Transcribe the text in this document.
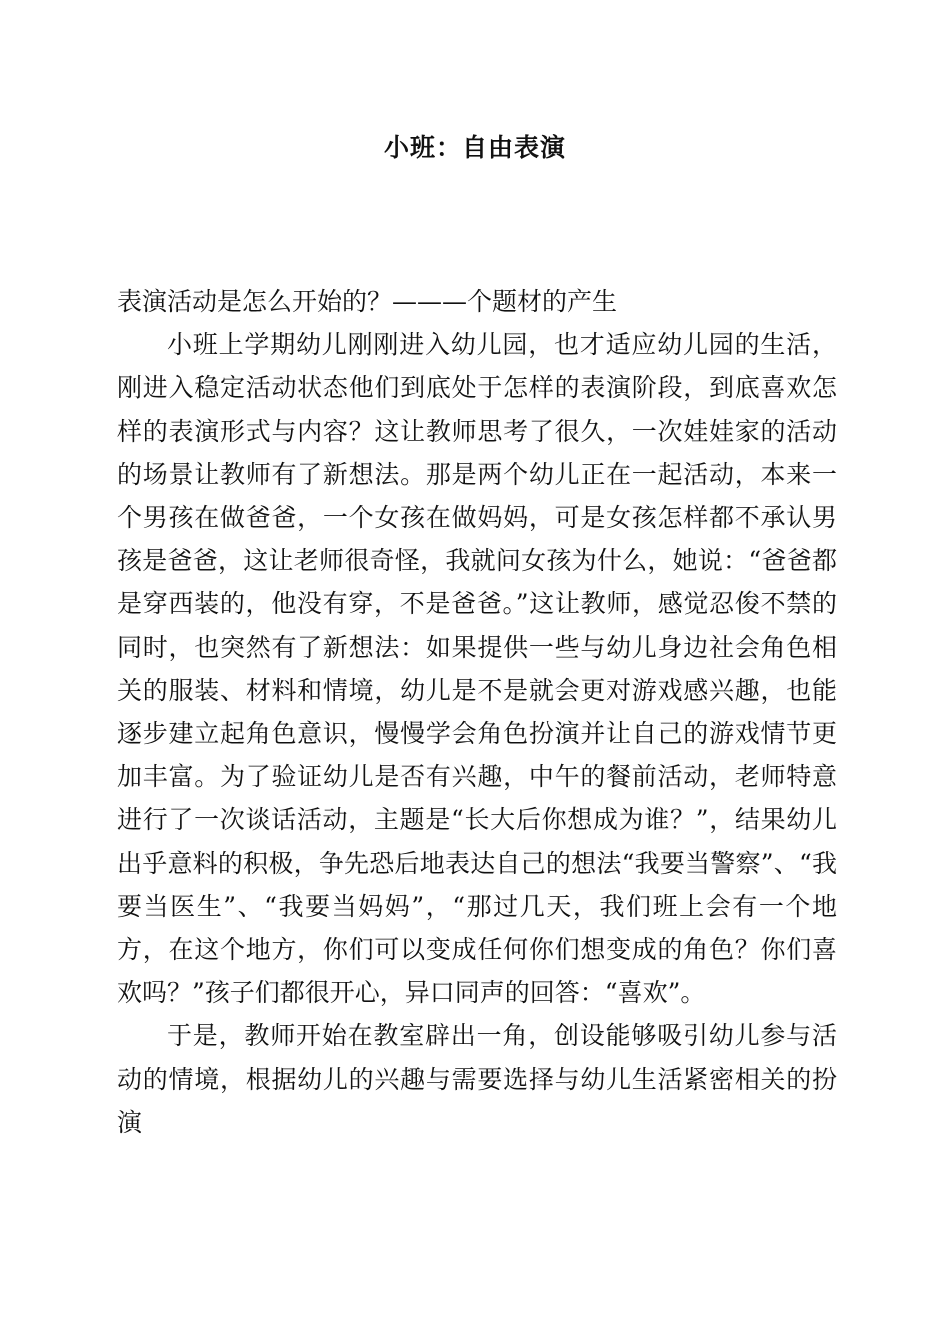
小班：自由表演

表演活动是怎么开始的？———个题材的产生

小班上学期幼儿刚刚进入幼儿园，也才适应幼儿园的生活，刚进入稳定活动状态他们到底处于怎样的表演阶段，到底喜欢怎样的表演形式与内容？这让教师思考了很久，一次娃娃家的活动的场景让教师有了新想法。那是两个幼儿正在一起活动，本来一个男孩在做爸爸，一个女孩在做妈妈，可是女孩怎样都不承认男孩是爸爸，这让老师很奇怪，我就问女孩为什么，她说：“爸爸都是穿西装的，他没有穿，不是爸爸。”这让教师，感觉忍俊不禁的同时，也突然有了新想法：如果提供一些与幼儿身边社会角色相关的服装、材料和情境，幼儿是不是就会更对游戏感兴趣，也能逐步建立起角色意识，慢慢学会角色扮演并让自己的游戏情节更加丰富。为了验证幼儿是否有兴趣，中午的餐前活动，老师特意进行了一次谈话活动，主题是“长大后你想成为谁？”，结果幼儿出乎意料的积极，争先恐后地表达自己的想法“我要当警察”、“我要当医生”、“我要当妈妈”，“那过几天，我们班上会有一个地方，在这个地方，你们可以变成任何你们想变成的角色？你们喜欢吗？”孩子们都很开心，异口同声的回答：“喜欢”。

于是，教师开始在教室辟出一角，创设能够吸引幼儿参与活动的情境，根据幼儿的兴趣与需要选择与幼儿生活紧密相关的扮演
